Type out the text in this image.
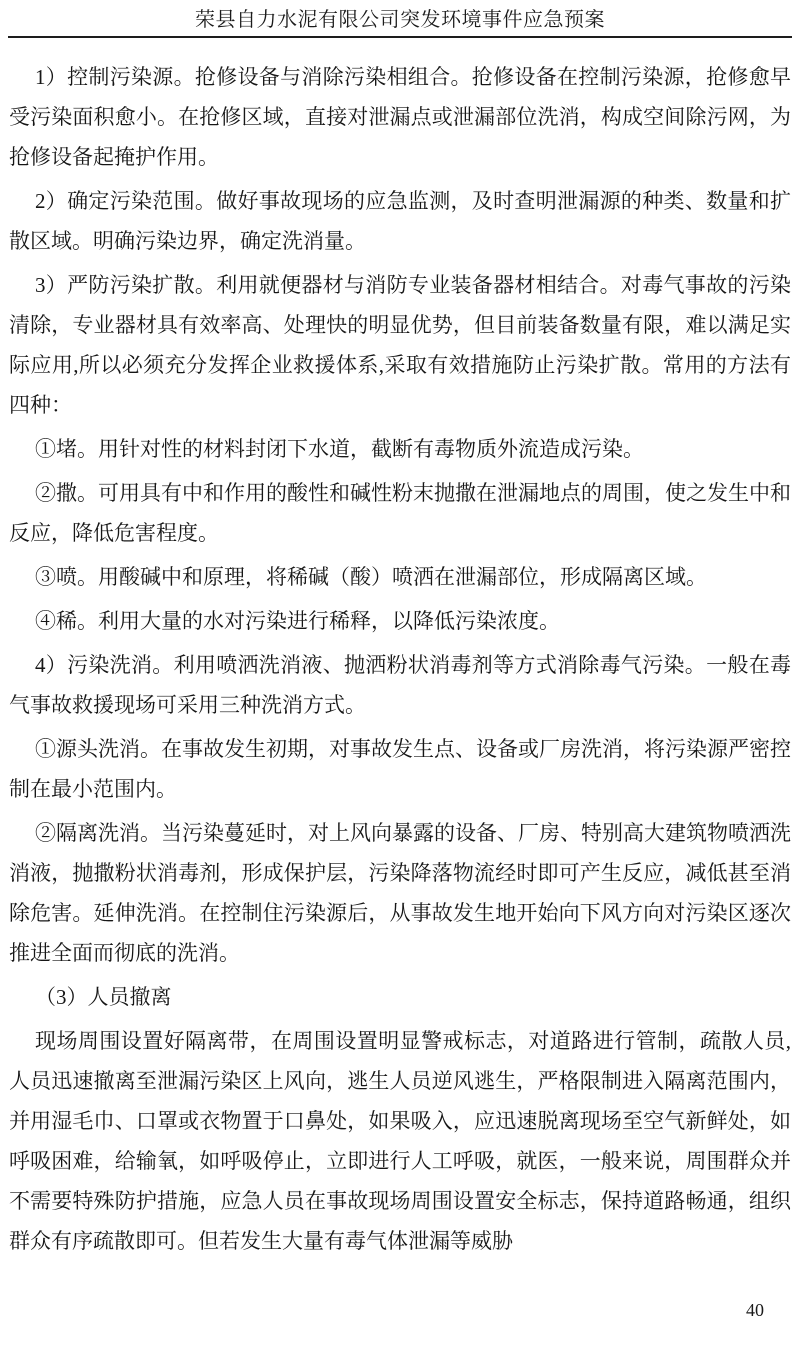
荣县自力水泥有限公司突发环境事件应急预案

1）控制污染源。抢修设备与消除污染相组合。抢修设备在控制污染源，抢修愈早受污染面积愈小。在抢修区域，直接对泄漏点或泄漏部位洗消，构成空间除污网，为抢修设备起掩护作用。

2）确定污染范围。做好事故现场的应急监测，及时查明泄漏源的种类、数量和扩散区域。明确污染边界，确定洗消量。

3）严防污染扩散。利用就便器材与消防专业装备器材相结合。对毒气事故的污染清除，专业器材具有效率高、处理快的明显优势，但目前装备数量有限，难以满足实际应用,所以必须充分发挥企业救援体系,采取有效措施防止污染扩散。常用的方法有四种：

①堵。用针对性的材料封闭下水道，截断有毒物质外流造成污染。

②撒。可用具有中和作用的酸性和碱性粉末抛撒在泄漏地点的周围，使之发生中和反应，降低危害程度。

③喷。用酸碱中和原理，将稀碱（酸）喷洒在泄漏部位，形成隔离区域。

④稀。利用大量的水对污染进行稀释，以降低污染浓度。

4）污染洗消。利用喷洒洗消液、抛洒粉状消毒剂等方式消除毒气污染。一般在毒气事故救援现场可采用三种洗消方式。

①源头洗消。在事故发生初期，对事故发生点、设备或厂房洗消，将污染源严密控制在最小范围内。

②隔离洗消。当污染蔓延时，对上风向暴露的设备、厂房、特别高大建筑物喷洒洗消液，抛撒粉状消毒剂，形成保护层，污染降落物流经时即可产生反应，减低甚至消除危害。延伸洗消。在控制住污染源后，从事故发生地开始向下风方向对污染区逐次推进全面而彻底的洗消。

（3）人员撤离

现场周围设置好隔离带，在周围设置明显警戒标志，对道路进行管制，疏散人员,人员迅速撤离至泄漏污染区上风向，逃生人员逆风逃生，严格限制进入隔离范围内，并用湿毛巾、口罩或衣物置于口鼻处，如果吸入，应迅速脱离现场至空气新鲜处，如呼吸困难，给输氧，如呼吸停止，立即进行人工呼吸，就医，一般来说，周围群众并不需要特殊防护措施，应急人员在事故现场周围设置安全标志，保持道路畅通，组织群众有序疏散即可。但若发生大量有毒气体泄漏等威胁

40
